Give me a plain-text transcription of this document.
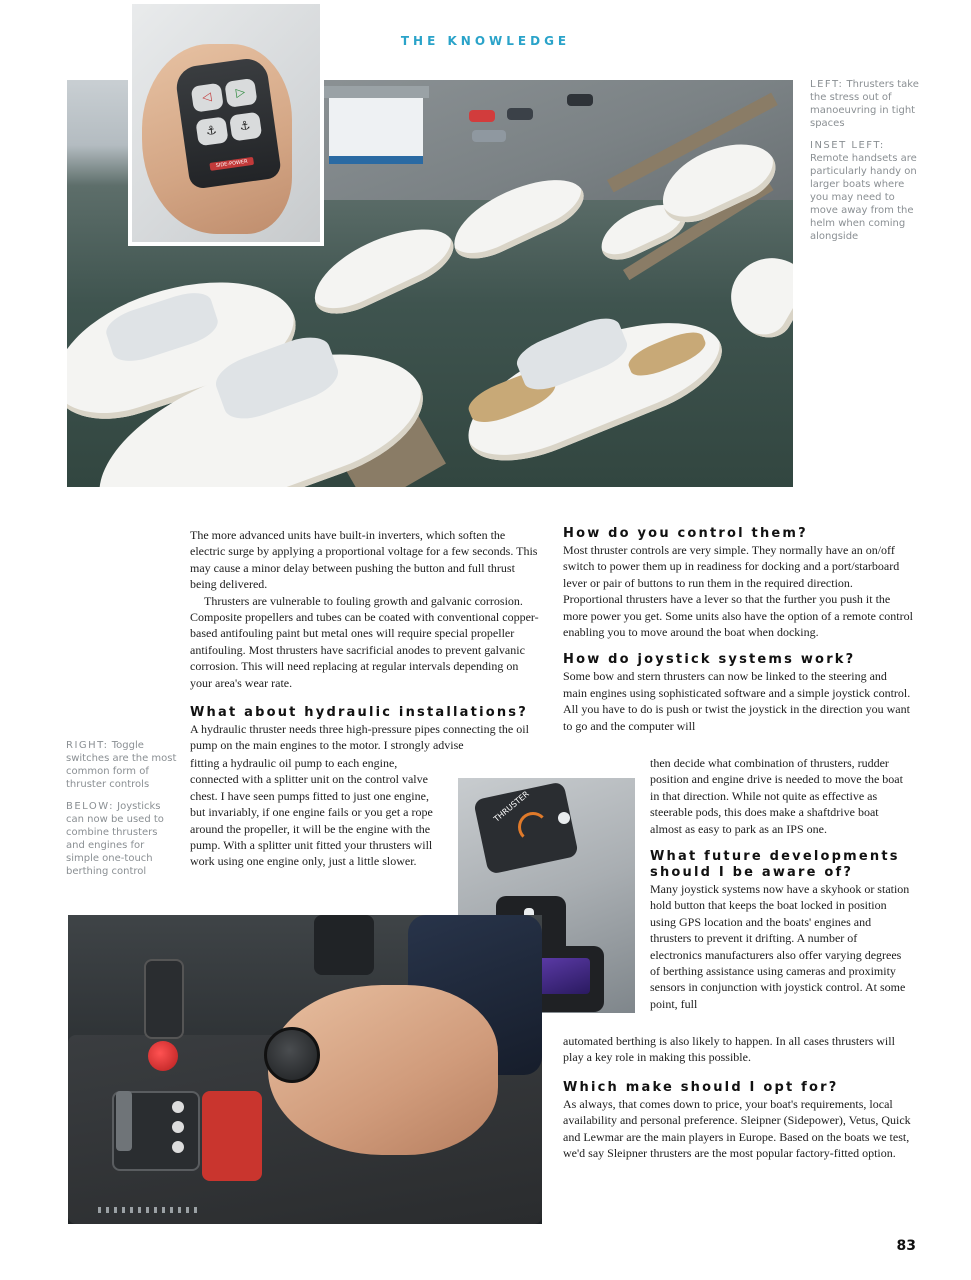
THE KNOWLEDGE
◁ ▷
⚓ ⚓
SIDE-POWER

LEFT: Thrusters take the stress out of manoeuvring in tight spaces

INSET LEFT: Remote handsets are particularly handy on larger boats where you may need to move away from the helm when coming alongside

RIGHT: Toggle switches are the most common form of thruster controls

BELOW: Joysticks can now be used to combine thrusters and engines for simple one-touch berthing control

The more advanced units have built-in inverters, which soften the electric surge by applying a proportional voltage for a few seconds. This may cause a minor delay between pushing the button and full thrust being delivered.

Thrusters are vulnerable to fouling growth and galvanic corrosion. Composite propellers and tubes can be coated with conventional copper-based antifouling paint but metal ones will require special propeller antifouling. Most thrusters have sacrificial anodes to prevent galvanic corrosion. This will need replacing at regular intervals depending on your area's wear rate.

What about hydraulic installations?

A hydraulic thruster needs three high-pressure pipes connecting the oil pump on the main engines to the motor. I strongly advise

fitting a hydraulic oil pump to each engine, connected with a splitter unit on the control valve chest. I have seen pumps fitted to just one engine, but invariably, if one engine fails or you get a rope around the propeller, it will be the engine with the pump. With a splitter unit fitted your thrusters will work using one engine only, just a little slower.

THRUSTER
How do you control them?

Most thruster controls are very simple. They normally have an on/off switch to power them up in readiness for docking and a port/starboard lever or pair of buttons to run them in the required direction. Proportional thrusters have a lever so that the further you push it the more power you get. Some units also have the option of a remote control enabling you to move around the boat when docking.

How do joystick systems work?

Some bow and stern thrusters can now be linked to the steering and main engines using sophisticated software and a simple joystick control. All you have to do is push or twist the joystick in the direction you want to go and the computer will

then decide what combination of thrusters, rudder position and engine drive is needed to move the boat in that direction. While not quite as effective as steerable pods, this does make a shaftdrive boat almost as easy to park as an IPS one.

What future developments should I be aware of?

Many joystick systems now have a skyhook or station hold button that keeps the boat locked in position using GPS location and the boats' engines and thrusters to prevent it drifting. A number of electronics manufacturers also offer varying degrees of berthing assistance using cameras and proximity sensors in conjunction with joystick control. At some point, full

automated berthing is also likely to happen. In all cases thrusters will play a key role in making this possible.

Which make should I opt for?

As always, that comes down to price, your boat's requirements, local availability and personal preference. Sleipner (Sidepower), Vetus, Quick and Lewmar are the main players in Europe. Based on the boats we test, we'd say Sleipner thrusters are the most popular factory-fitted option.

83
